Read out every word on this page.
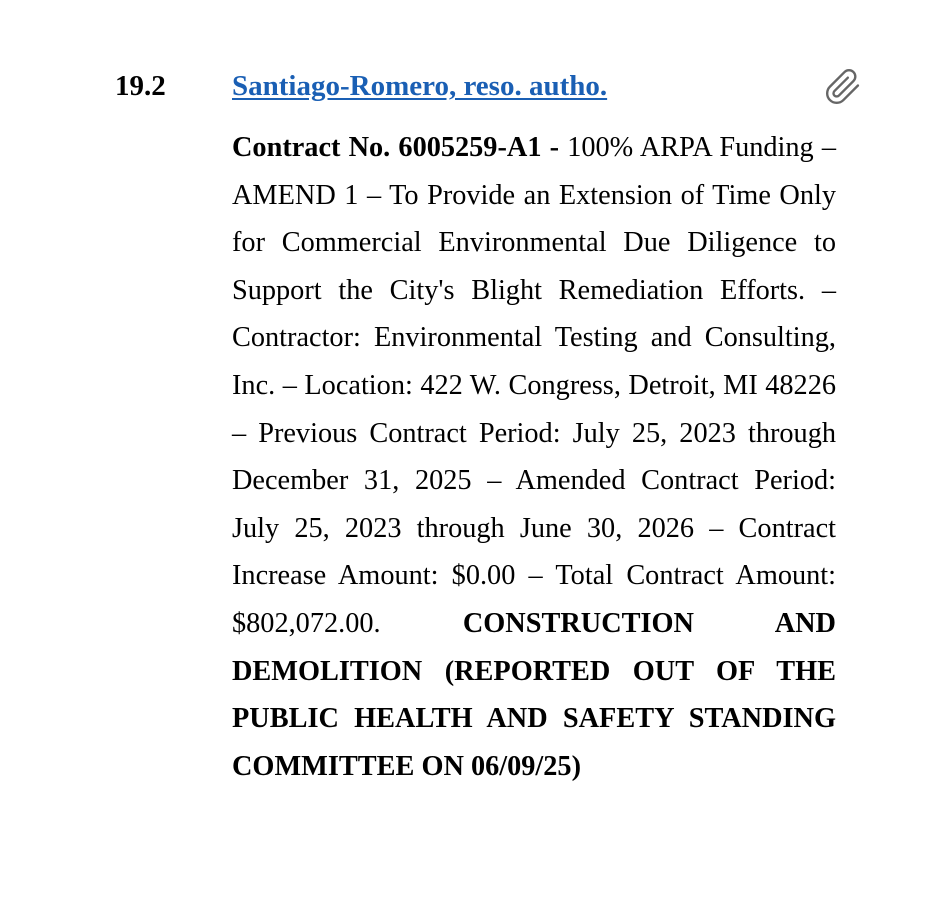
19.2 Santiago-Romero, reso. autho.

Contract No. 6005259-A1 - 100% ARPA Funding – AMEND 1 – To Provide an Extension of Time Only for Commercial Environmental Due Diligence to Support the City's Blight Remediation Efforts. – Contractor: Environmental Testing and Consulting, Inc. – Location: 422 W. Congress, Detroit, MI 48226 – Previous Contract Period: July 25, 2023 through December 31, 2025 – Amended Contract Period: July 25, 2023 through June 30, 2026 – Contract Increase Amount: $0.00 – Total Contract Amount: $802,072.00. CONSTRUCTION AND DEMOLITION (REPORTED OUT OF THE PUBLIC HEALTH AND SAFETY STANDING COMMITTEE ON 06/09/25)
